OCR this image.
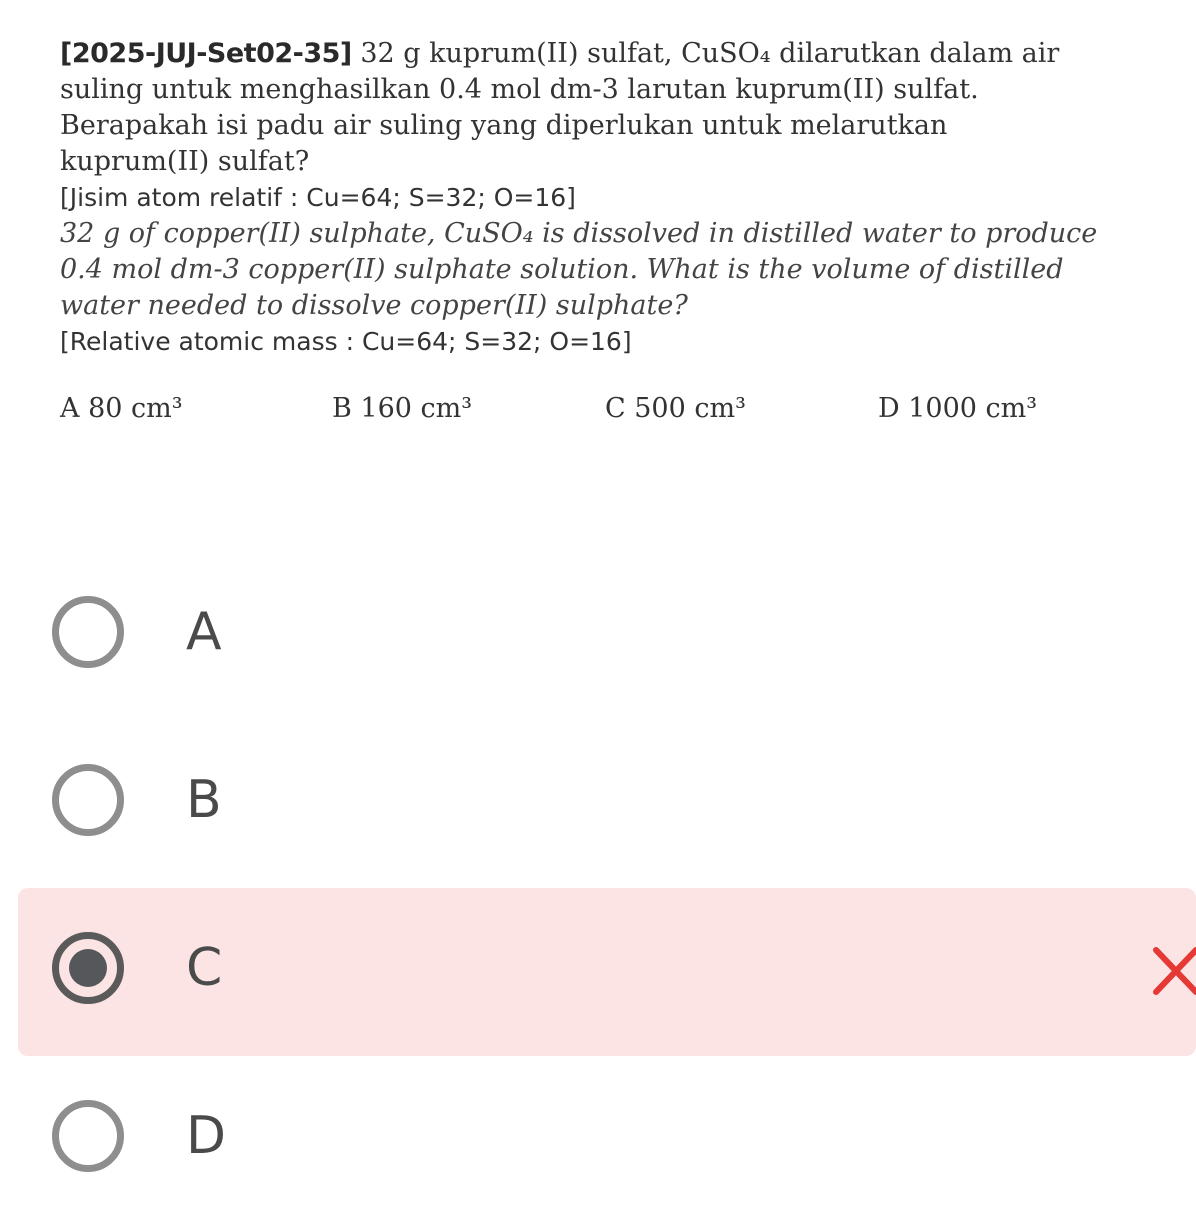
[2025-JUJ-Set02-35] 32 g kuprum(II) sulfat, CuSO₄ dilarutkan dalam air
suling untuk menghasilkan 0.4 mol dm-3 larutan kuprum(II) sulfat.
Berapakah isi padu air suling yang diperlukan untuk melarutkan
kuprum(II) sulfat?
[Jisim atom relatif : Cu=64; S=32; O=16]
32 g of copper(II) sulphate, CuSO₄ is dissolved in distilled water to produce
0.4 mol dm-3 copper(II) sulphate solution. What is the volume of distilled
water needed to dissolve copper(II) sulphate?
[Relative atomic mass : Cu=64; S=32; O=16]
A 80 cm³	B 160 cm³	C 500 cm³	D 1000 cm³
A
B
C
D
